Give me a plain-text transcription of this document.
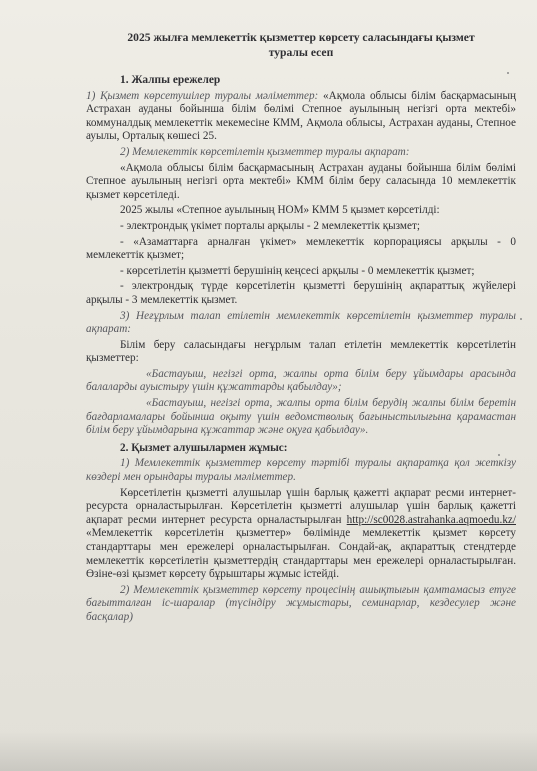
2025 жылға мемлекеттік қызметтер көрсету саласындағы қызмет
туралы есеп
1. Жалпы ережелер

1) Қызмет көрсетушілер туралы мәліметтер: «Ақмола облысы білім басқармасының Астрахан ауданы бойынша білім бөлімі Степное ауылының негізгі орта мектебі» коммуналдық мемлекеттік мекемесіне КММ, Ақмола облысы, Астрахан ауданы, Степное ауылы, Орталық көшесі 25.

2) Мемлекеттік көрсетілетін қызметтер туралы ақпарат:

«Ақмола облысы білім басқармасының Астрахан ауданы бойынша білім бөлімі Степное ауылының негізгі орта мектебі» КММ білім беру саласында 10 мемлекеттік қызмет көрсетіледі.

2025 жылы «Степное ауылының НОМ» КММ 5 қызмет көрсетілді:

- электрондық үкімет порталы арқылы - 2 мемлекеттік қызмет;

- «Азаматтарға арналған үкімет» мемлекеттік корпорациясы арқылы - 0 мемлекеттік қызмет;

- көрсетілетін қызметті берушінің кеңсесі арқылы - 0 мемлекеттік қызмет;

- электрондық түрде көрсетілетін қызметті берушінің ақпараттық жүйелері арқылы - 3 мемлекеттік қызмет.

3) Неғұрлым талап етілетін мемлекеттік көрсетілетін қызметтер туралы ақпарат:

Білім беру саласындағы неғұрлым талап етілетін мемлекеттік көрсетілетін қызметтер:

«Бастауыш, негізгі орта, жалпы орта білім беру ұйымдары арасында балаларды ауыстыру үшін құжаттарды қабылдау»;

«Бастауыш, негізгі орта, жалпы орта білім берудің жалпы білім беретін бағдарламалары бойынша оқыту үшін ведомстволық бағыныстылығына қарамастан білім беру ұйымдарына құжаттар жəне оқуға қабылдау».

2. Қызмет алушылармен жұмыс:

1) Мемлекеттік қызметтер көрсету тәртібі туралы ақпаратқа қол жеткізу көздері мен орындары туралы мәліметтер.

Көрсетілетін қызметті алушылар үшін барлық қажетті ақпарат ресми интернет-ресурста орналастырылған. Көрсетілетін қызметті алушылар үшін барлық қажетті ақпарат ресми интернет ресурста орналастырылған http://sc0028.astrahanka.aqmoedu.kz/ «Мемлекеттік көрсетілетін қызметтер» бөлімінде мемлекеттік қызмет көрсету стандарттары мен ережелері орналастырылған. Сондай-ақ, ақпараттық стендтерде мемлекеттік көрсетілетін қызметтердің стандарттары мен ережелері орналастырылған. Өзіне-өзі қызмет көрсету бұрыштары жұмыс істейді.

2) Мемлекеттік қызметтер көрсету процесінің ашықтығын қамтамасыз етуге бағытталған іс-шаралар (түсіндіру жұмыстары, семинарлар, кездесулер жəне басқалар)
